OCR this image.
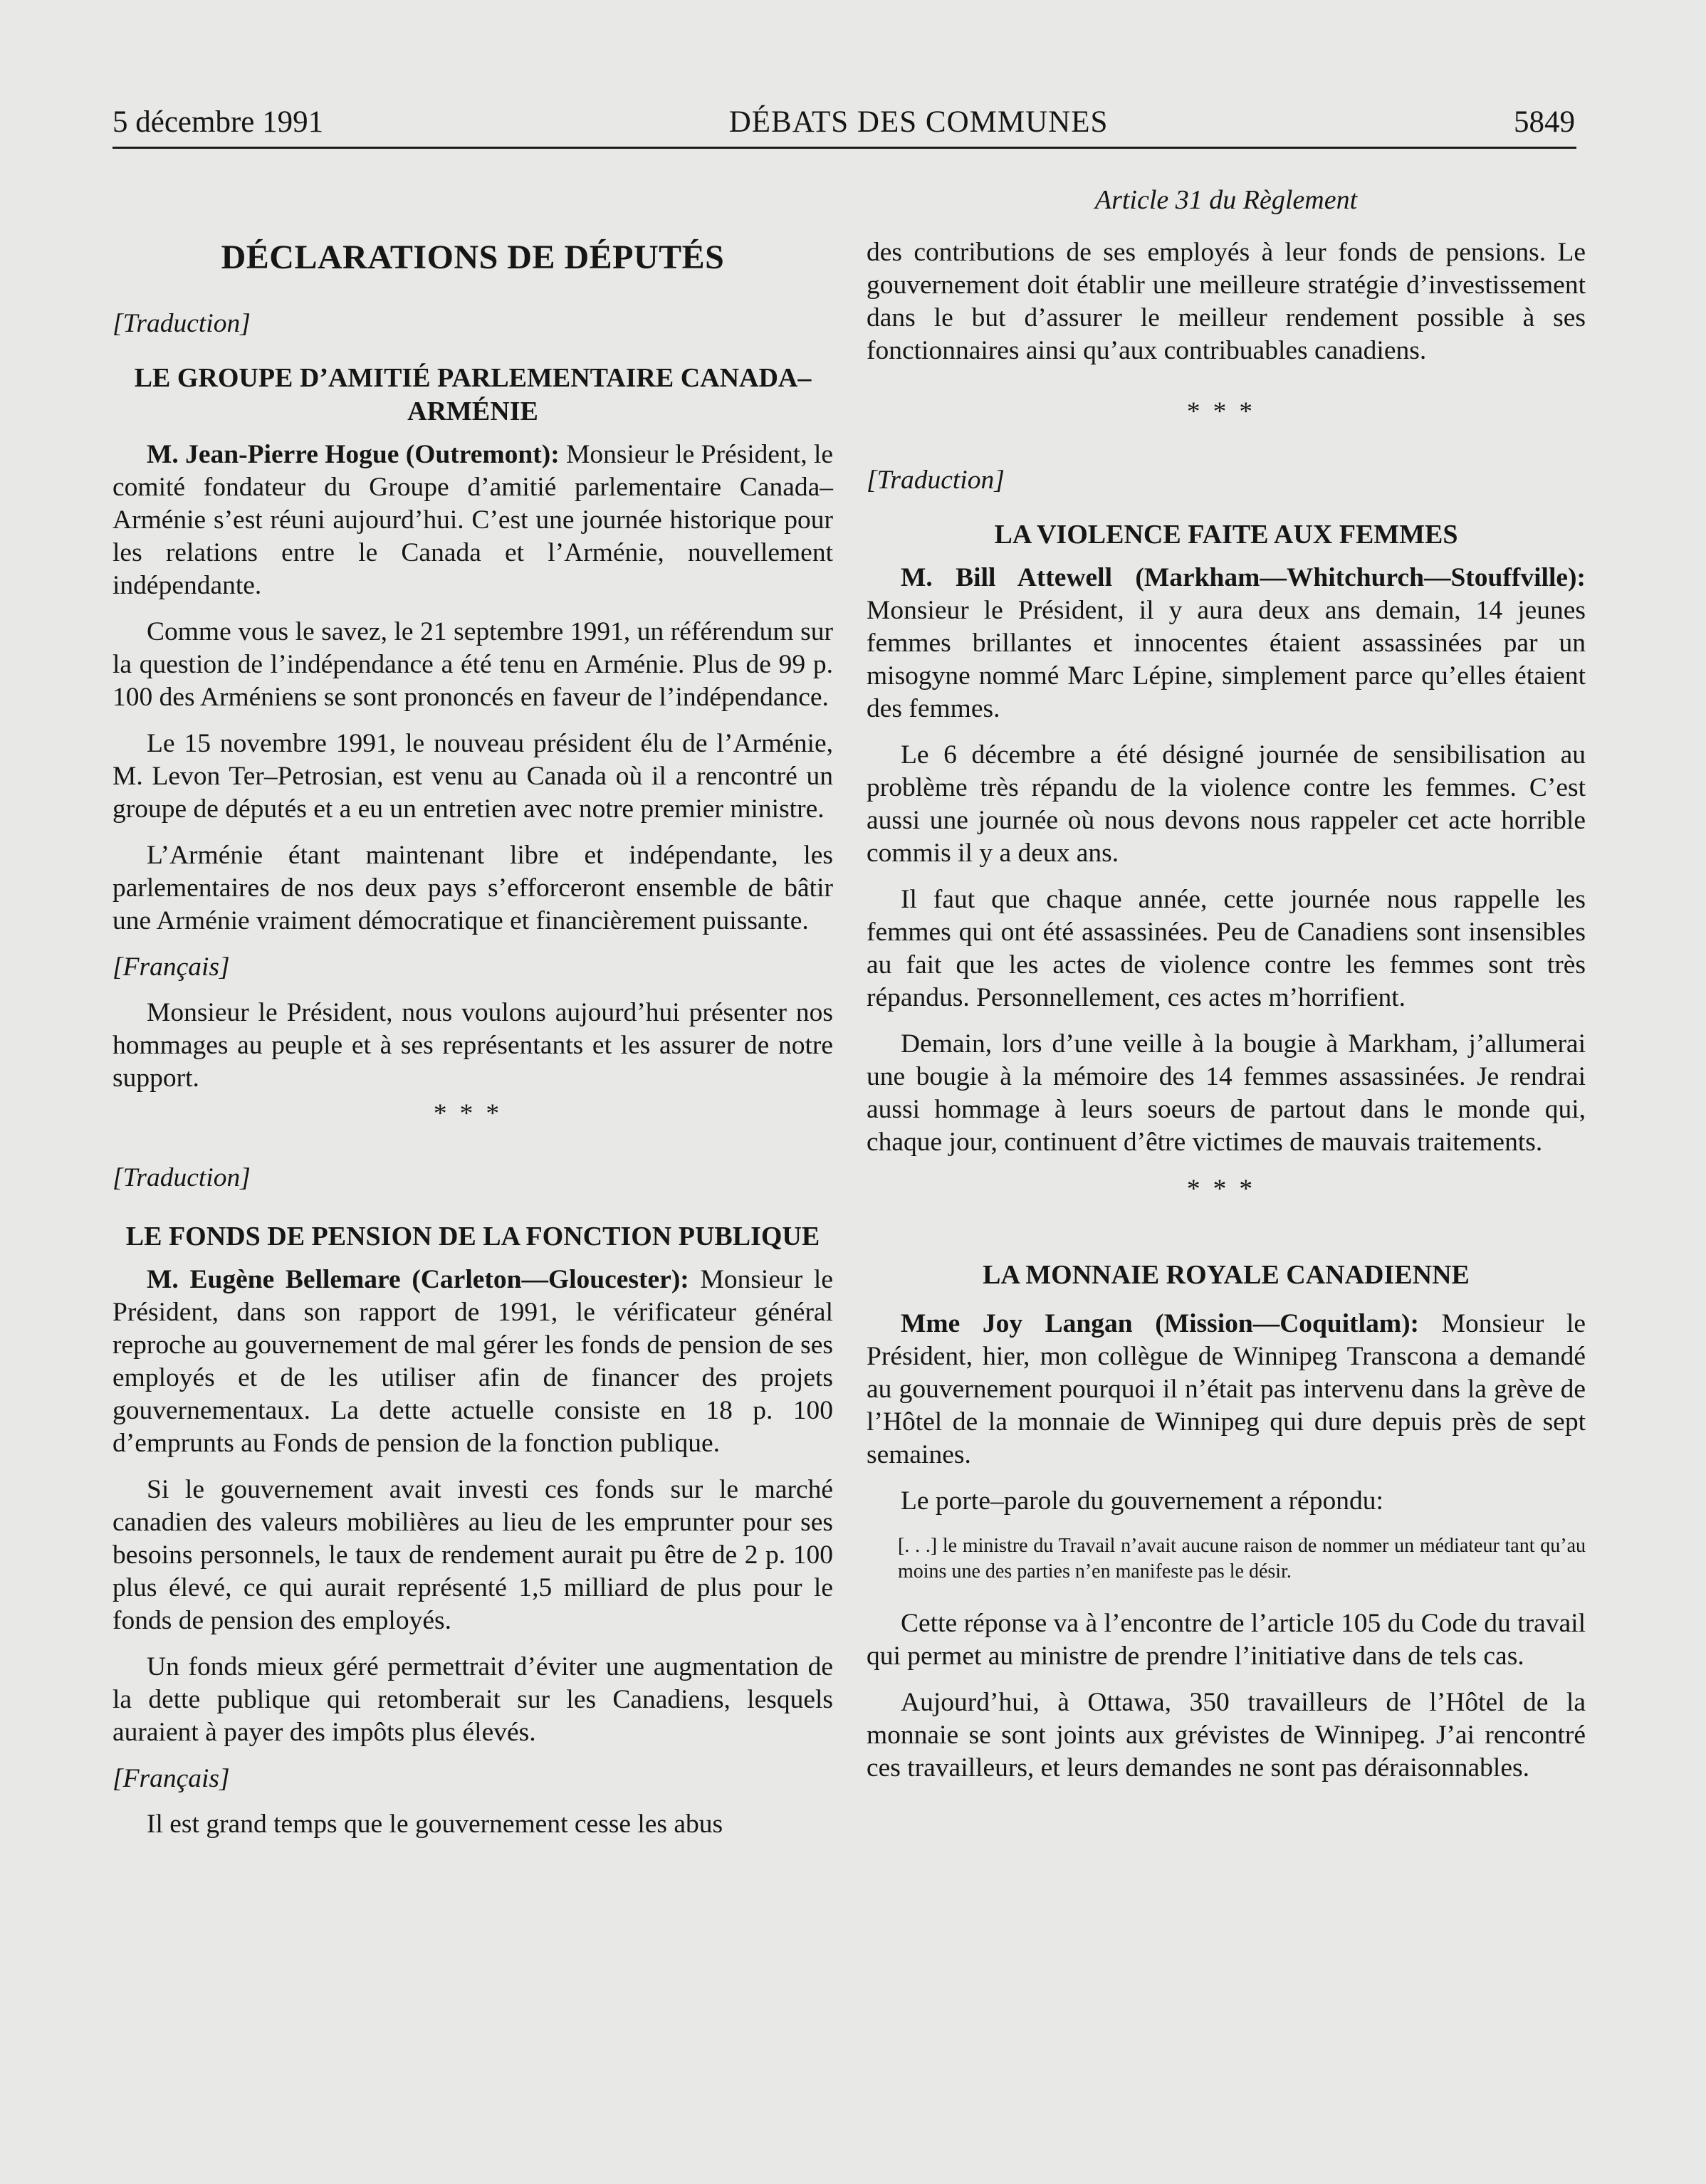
5 décembre 1991	DÉBATS DES COMMUNES	5849
DÉCLARATIONS DE DÉPUTÉS

[Traduction]

LE GROUPE D’AMITIÉ PARLEMENTAIRE CANADA–ARMÉNIE

M. Jean-Pierre Hogue (Outremont): Monsieur le Président, le comité fondateur du Groupe d’amitié parlementaire Canada–Arménie s’est réuni aujourd’hui. C’est une journée historique pour les relations entre le Canada et l’Arménie, nouvellement indépendante.

Comme vous le savez, le 21 septembre 1991, un référendum sur la question de l’indépendance a été tenu en Arménie. Plus de 99 p. 100 des Arméniens se sont prononcés en faveur de l’indépendance.

Le 15 novembre 1991, le nouveau président élu de l’Arménie, M. Levon Ter–Petrosian, est venu au Canada où il a rencontré un groupe de députés et a eu un entretien avec notre premier ministre.

L’Arménie étant maintenant libre et indépendante, les parlementaires de nos deux pays s’efforceront ensemble de bâtir une Arménie vraiment démocratique et financièrement puissante.

[Français]

Monsieur le Président, nous voulons aujourd’hui présenter nos hommages au peuple et à ses représentants et les assurer de notre support.

***

[Traduction]

LE FONDS DE PENSION DE LA FONCTION PUBLIQUE

M. Eugène Bellemare (Carleton—Gloucester): Monsieur le Président, dans son rapport de 1991, le vérificateur général reproche au gouvernement de mal gérer les fonds de pension de ses employés et de les utiliser afin de financer des projets gouvernementaux. La dette actuelle consiste en 18 p. 100 d’emprunts au Fonds de pension de la fonction publique.

Si le gouvernement avait investi ces fonds sur le marché canadien des valeurs mobilières au lieu de les emprunter pour ses besoins personnels, le taux de rendement aurait pu être de 2 p. 100 plus élevé, ce qui aurait représenté 1,5 milliard de plus pour le fonds de pension des employés.

Un fonds mieux géré permettrait d’éviter une augmentation de la dette publique qui retomberait sur les Canadiens, lesquels auraient à payer des impôts plus élevés.

[Français]

Il est grand temps que le gouvernement cesse les abus

Article 31 du Règlement

des contributions de ses employés à leur fonds de pensions. Le gouvernement doit établir une meilleure stratégie d’investissement dans le but d’assurer le meilleur rendement possible à ses fonctionnaires ainsi qu’aux contribuables canadiens.

***

[Traduction]

LA VIOLENCE FAITE AUX FEMMES

M. Bill Attewell (Markham—Whitchurch—Stouffville): Monsieur le Président, il y aura deux ans demain, 14 jeunes femmes brillantes et innocentes étaient assassinées par un misogyne nommé Marc Lépine, simplement parce qu’elles étaient des femmes.

Le 6 décembre a été désigné journée de sensibilisation au problème très répandu de la violence contre les femmes. C’est aussi une journée où nous devons nous rappeler cet acte horrible commis il y a deux ans.

Il faut que chaque année, cette journée nous rappelle les femmes qui ont été assassinées. Peu de Canadiens sont insensibles au fait que les actes de violence contre les femmes sont très répandus. Personnellement, ces actes m’horrifient.

Demain, lors d’une veille à la bougie à Markham, j’allumerai une bougie à la mémoire des 14 femmes assassinées. Je rendrai aussi hommage à leurs soeurs de partout dans le monde qui, chaque jour, continuent d’être victimes de mauvais traitements.

***
LA MONNAIE ROYALE CANADIENNE

Mme Joy Langan (Mission—Coquitlam): Monsieur le Président, hier, mon collègue de Winnipeg Transcona a demandé au gouvernement pourquoi il n’était pas intervenu dans la grève de l’Hôtel de la monnaie de Winnipeg qui dure depuis près de sept semaines.

Le porte–parole du gouvernement a répondu:

[. . .] le ministre du Travail n’avait aucune raison de nommer un médiateur tant qu’au moins une des parties n’en manifeste pas le désir.

Cette réponse va à l’encontre de l’article 105 du Code du travail qui permet au ministre de prendre l’initiative dans de tels cas.

Aujourd’hui, à Ottawa, 350 travailleurs de l’Hôtel de la monnaie se sont joints aux grévistes de Winnipeg. J’ai rencontré ces travailleurs, et leurs demandes ne sont pas déraisonnables.
